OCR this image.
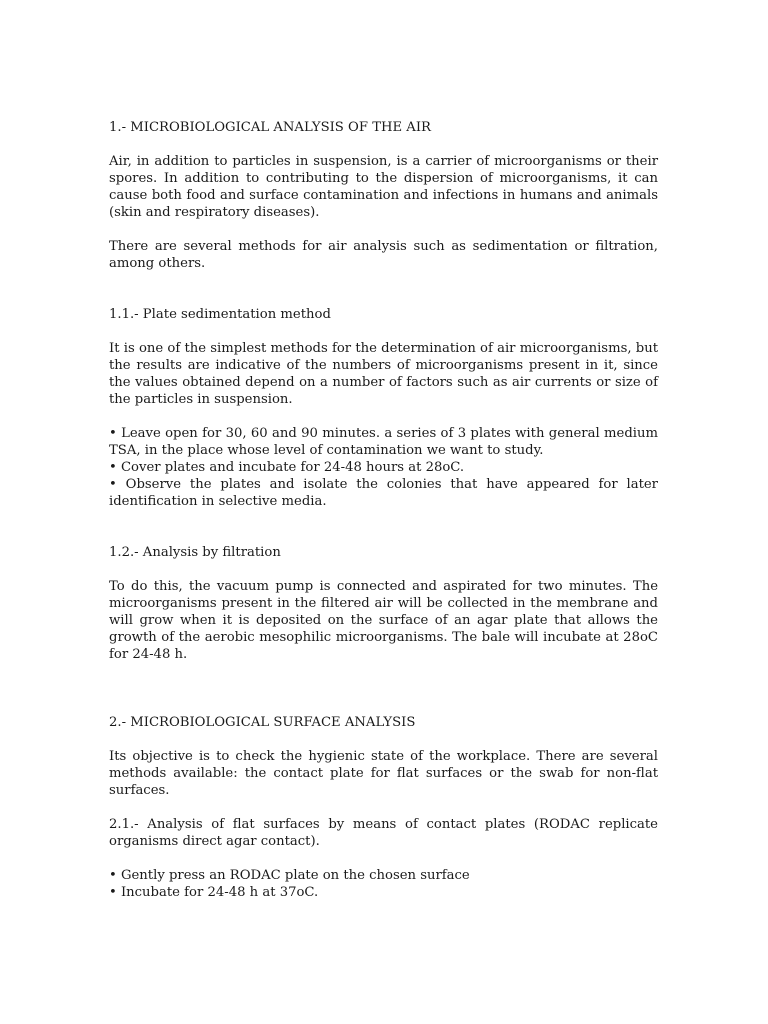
1.- MICROBIOLOGICAL ANALYSIS OF THE AIR

Air, in addition to particles in suspension, is a carrier of microorganisms or their spores. In addition to contributing to the dispersion of microorganisms, it can cause both food and surface contamination and infections in humans and animals (skin and respiratory diseases).

There are several methods for air analysis such as sedimentation or filtration, among others.

1.1.- Plate sedimentation method

It is one of the simplest methods for the determination of air microorganisms, but the results are indicative of the numbers of microorganisms present in it, since the values obtained depend on a number of factors such as air currents or size of the particles in suspension.

• Leave open for 30, 60 and 90 minutes. a series of 3 plates with general medium TSA, in the place whose level of contamination we want to study.
• Cover plates and incubate for 24-48 hours at 28oC.
• Observe the plates and isolate the colonies that have appeared for later identification in selective media.
1.2.- Analysis by filtration

To do this, the vacuum pump is connected and aspirated for two minutes. The microorganisms present in the filtered air will be collected in the membrane and will grow when it is deposited on the surface of an agar plate that allows the growth of the aerobic mesophilic microorganisms. The bale will incubate at 28oC for 24-48 h.

2.- MICROBIOLOGICAL SURFACE ANALYSIS

Its objective is to check the hygienic state of the workplace. There are several methods available: the contact plate for flat surfaces or the swab for non-flat surfaces.

2.1.- Analysis of flat surfaces by means of contact plates (RODAC replicate organisms direct agar contact).

• Gently press an RODAC plate on the chosen surface
• Incubate for 24-48 h at 37oC.
